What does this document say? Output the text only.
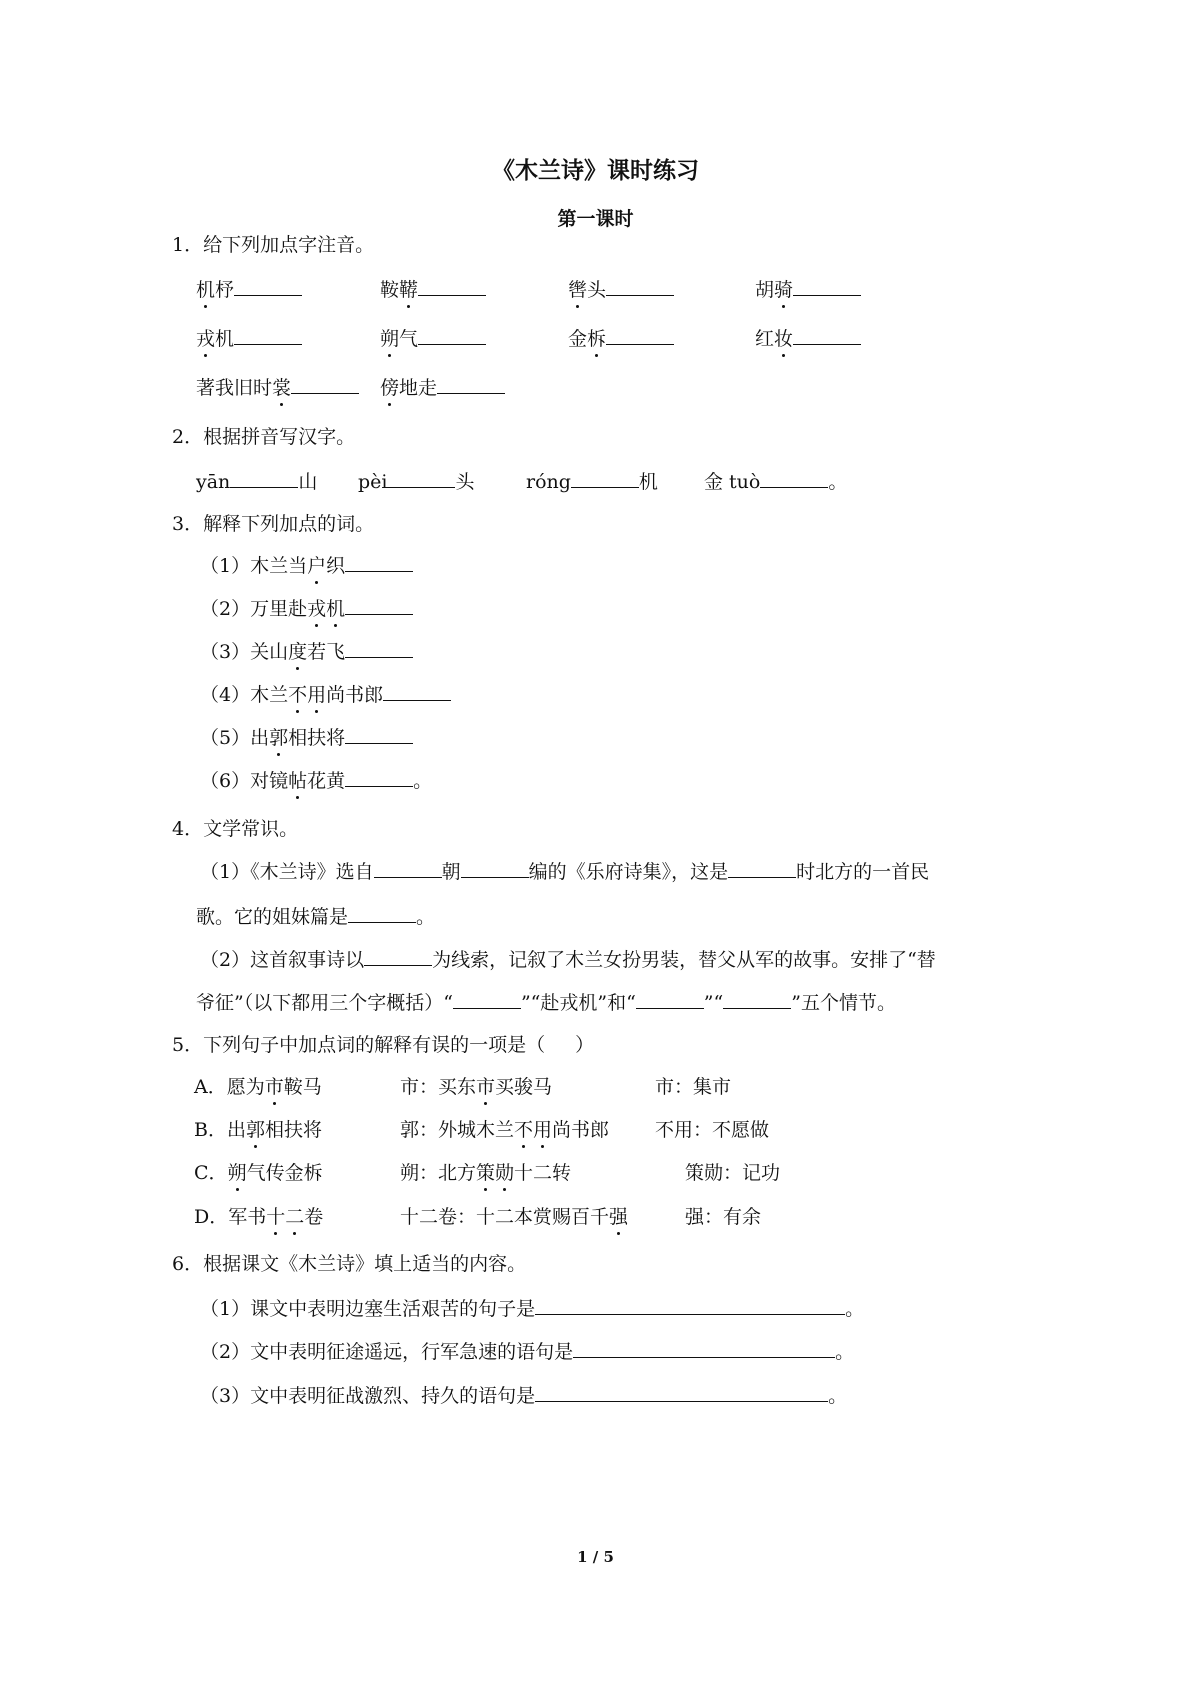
《木兰诗》课时练习
第一课时
1．给下列加点字注音。
机杼	鞍鞯	辔头	胡骑
戎机	朔气	金柝	红妆
著我旧时裳	傍地走
2．根据拼音写汉字。
yān	山 pèi	头	róng	机 金 tuò	。
3．解释下列加点的词。
（1）木兰当户织
（2）万里赴戎机
（3）关山度若飞
（4）木兰不用尚书郎
（5）出郭相扶将
（6）对镜帖花黄	。
4．文学常识。
（1）《木兰诗》选自	朝	编的《乐府诗集》，这是	时北方的一首民
歌。它的姐妹篇是	。
（2）这首叙事诗以	为线索，记叙了木兰女扮男装，替父从军的故事。安排了“替
爷征”（以下都用三个字概括）“	”“赴戎机”和“	”“	”五个情节。
5．下列句子中加点词的解释有误的一项是（ ）
A．愿为市鞍马	市：买东市买骏马	市：集市
B．出郭相扶将	郭：外城木兰不用尚书郎 不用：不愿做
C．朔气传金柝	朔：北方策勋十二转	策勋：记功
D．军书十二卷	十二卷：十二本赏赐百千强	强：有余
6．根据课文《木兰诗》填上适当的内容。
（1）课文中表明边塞生活艰苦的句子是	。
（2）文中表明征途遥远，行军急速的语句是	。
（3）文中表明征战激烈、持久的语句是	。
1 / 5
